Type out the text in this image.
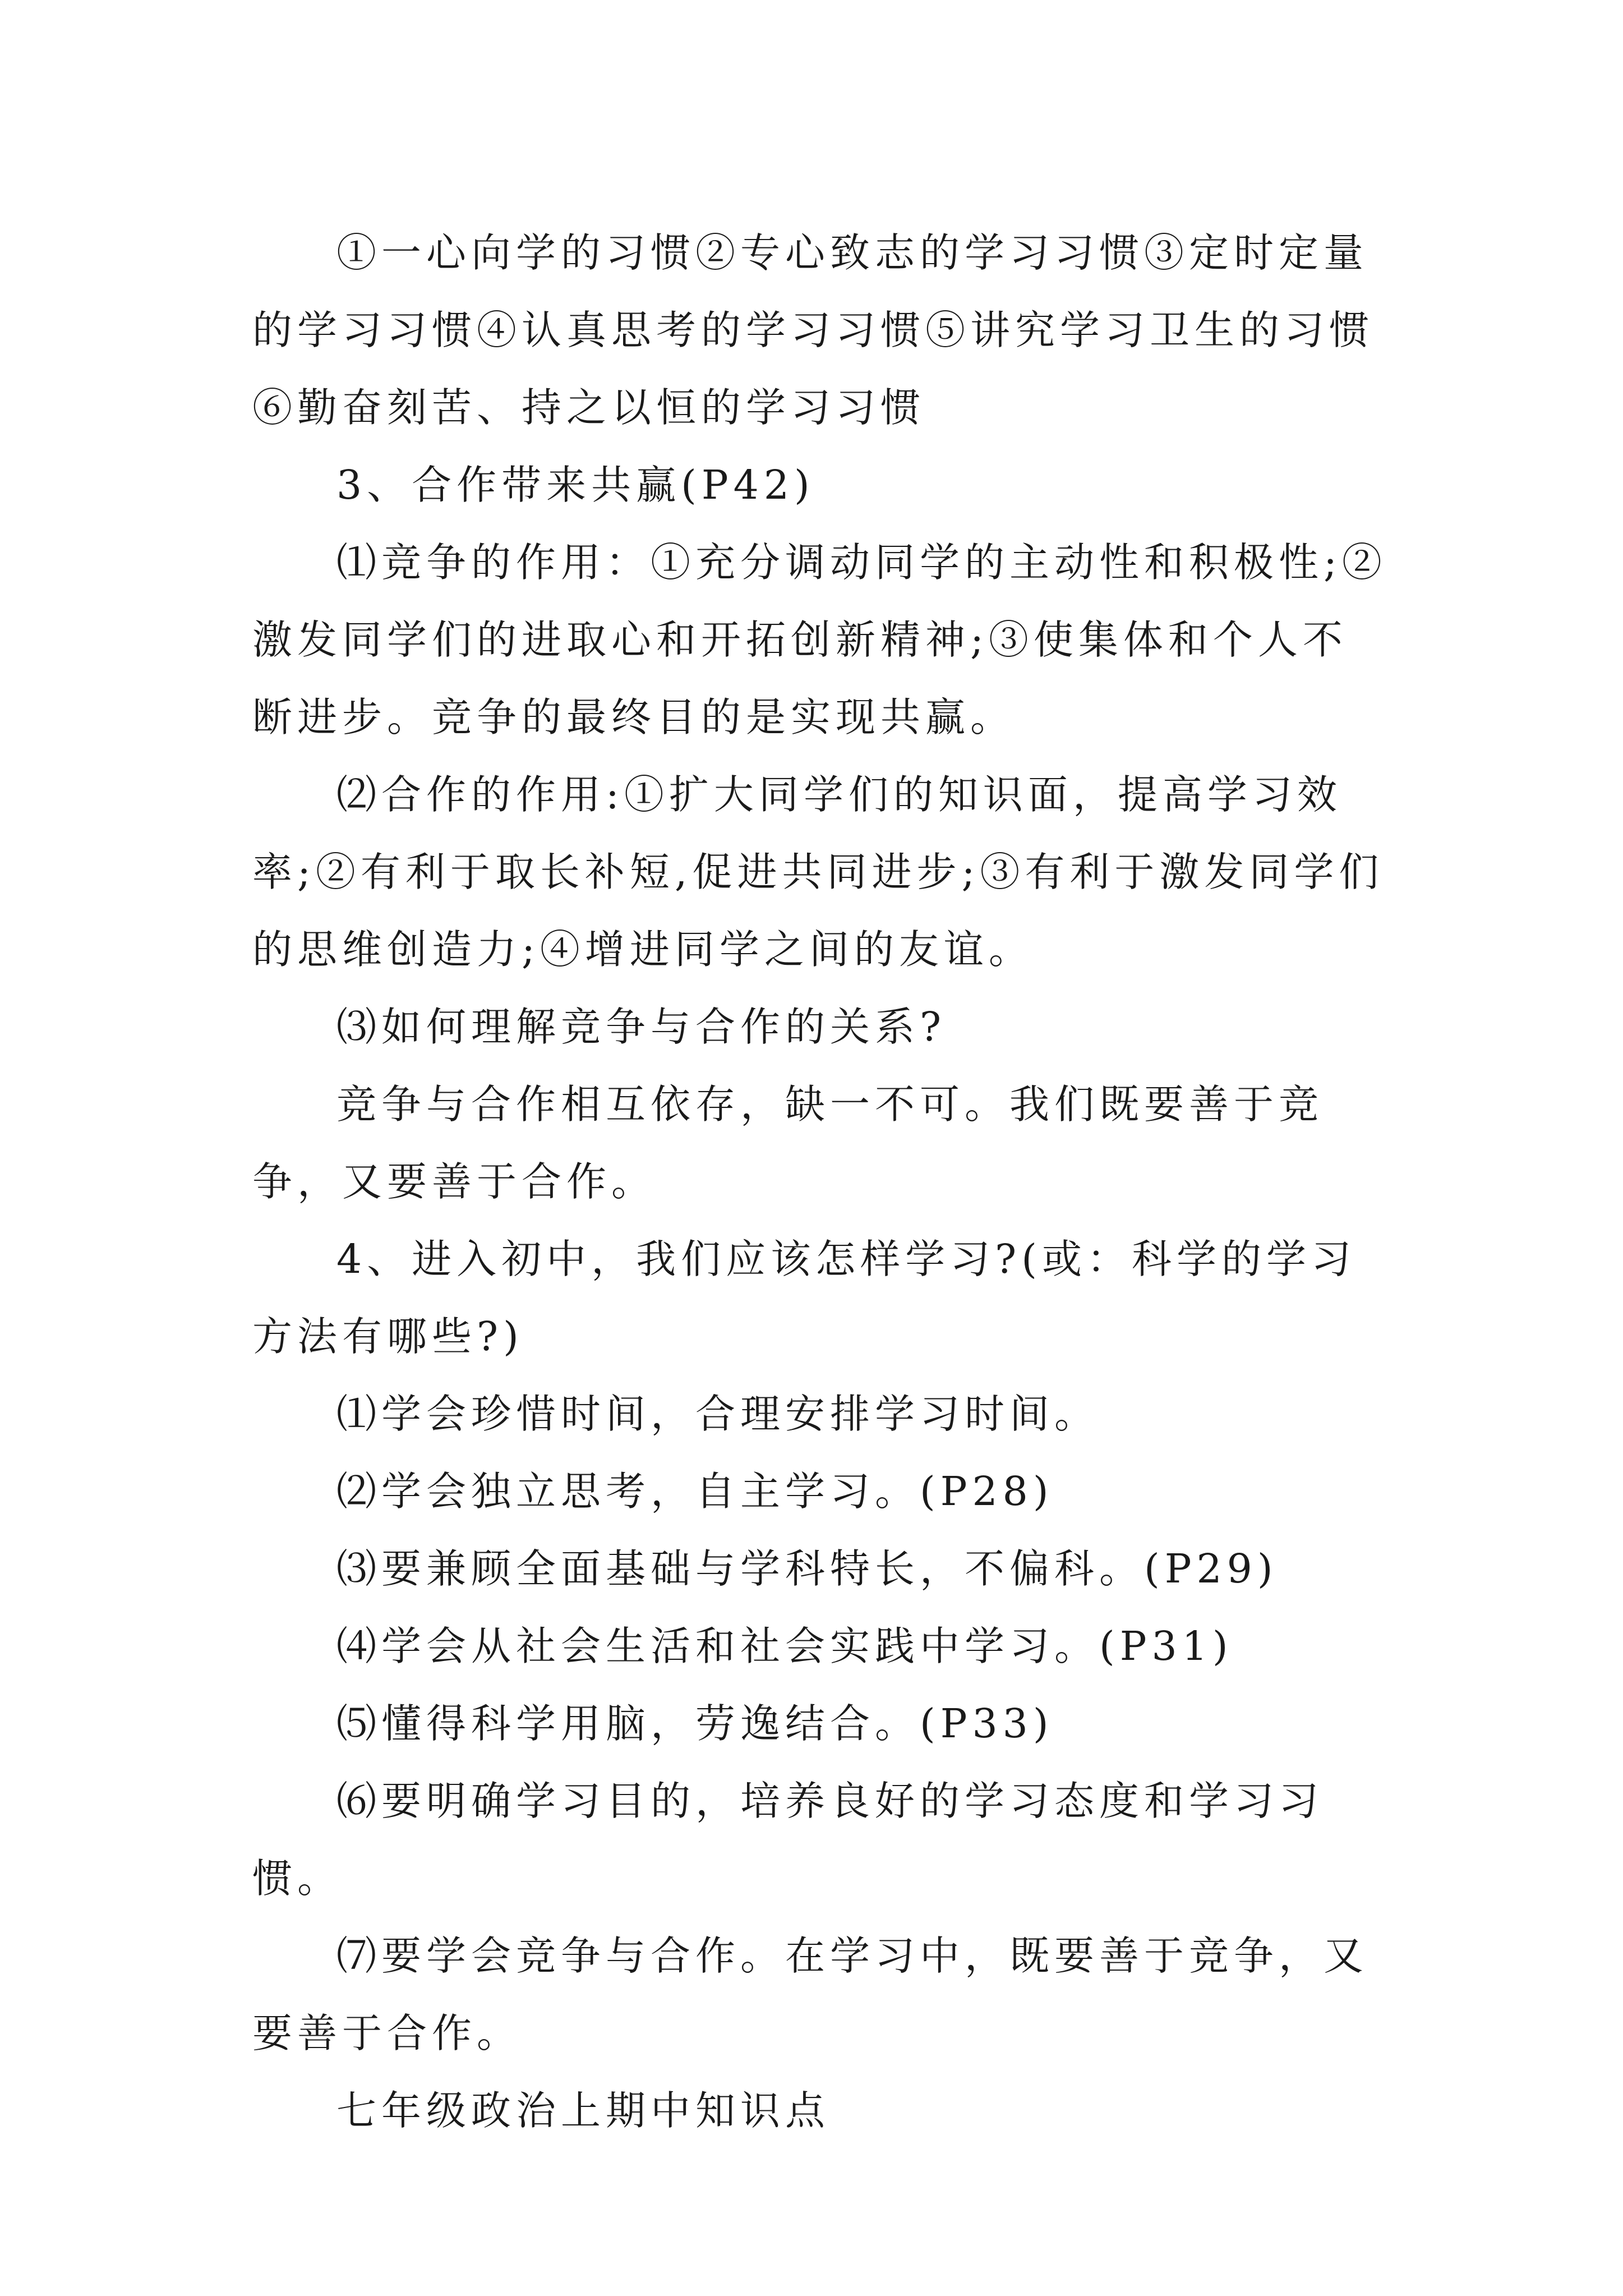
①一心向学的习惯②专心致志的学习习惯③定时定量的学习习惯④认真思考的学习习惯⑤讲究学习卫生的习惯⑥勤奋刻苦、持之以恒的学习习惯

3、合作带来共赢(P42)

⑴竞争的作用：①充分调动同学的主动性和积极性;②激发同学们的进取心和开拓创新精神;③使集体和个人不断进步。竞争的最终目的是实现共赢。

⑵合作的作用:①扩大同学们的知识面，提高学习效率;②有利于取长补短,促进共同进步;③有利于激发同学们的思维创造力;④增进同学之间的友谊。

⑶如何理解竞争与合作的关系?

竞争与合作相互依存，缺一不可。我们既要善于竞争，又要善于合作。

4、进入初中，我们应该怎样学习?(或：科学的学习方法有哪些?)

⑴学会珍惜时间，合理安排学习时间。

⑵学会独立思考，自主学习。(P28)

⑶要兼顾全面基础与学科特长，不偏科。(P29)

⑷学会从社会生活和社会实践中学习。(P31)

⑸懂得科学用脑，劳逸结合。(P33)

⑹要明确学习目的，培养良好的学习态度和学习习惯。

⑺要学会竞争与合作。在学习中，既要善于竞争，又要善于合作。

七年级政治上期中知识点
